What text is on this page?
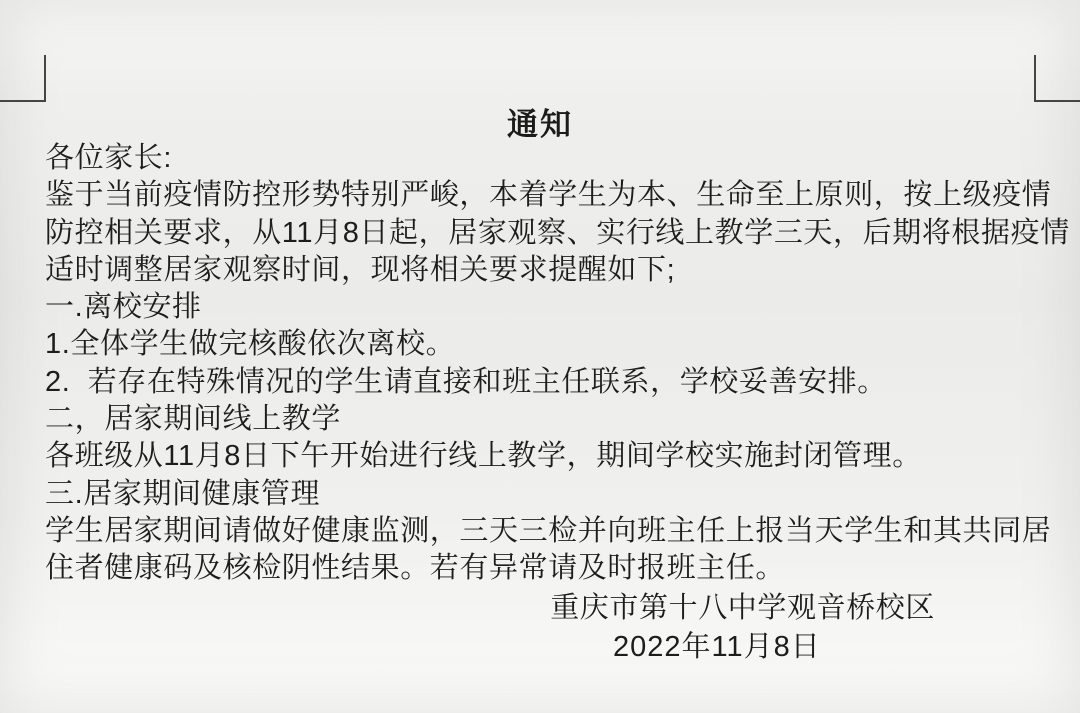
通知
各位家长:
鉴于当前疫情防控形势特别严峻，本着学生为本、生命至上原则，按上级疫情
防控相关要求，从11月8日起，居家观察、实行线上教学三天，后期将根据疫情
适时调整居家观察时间，现将相关要求提醒如下;
一.离校安排
1.全体学生做完核酸依次离校。
2.  若存在特殊情况的学生请直接和班主任联系，学校妥善安排。
二，居家期间线上教学
各班级从11月8日下午开始进行线上教学，期间学校实施封闭管理。
三.居家期间健康管理
学生居家期间请做好健康监测，三天三检并向班主任上报当天学生和其共同居
住者健康码及核检阴性结果。若有异常请及时报班主任。
重庆市第十八中学观音桥校区
2022年11月8日
